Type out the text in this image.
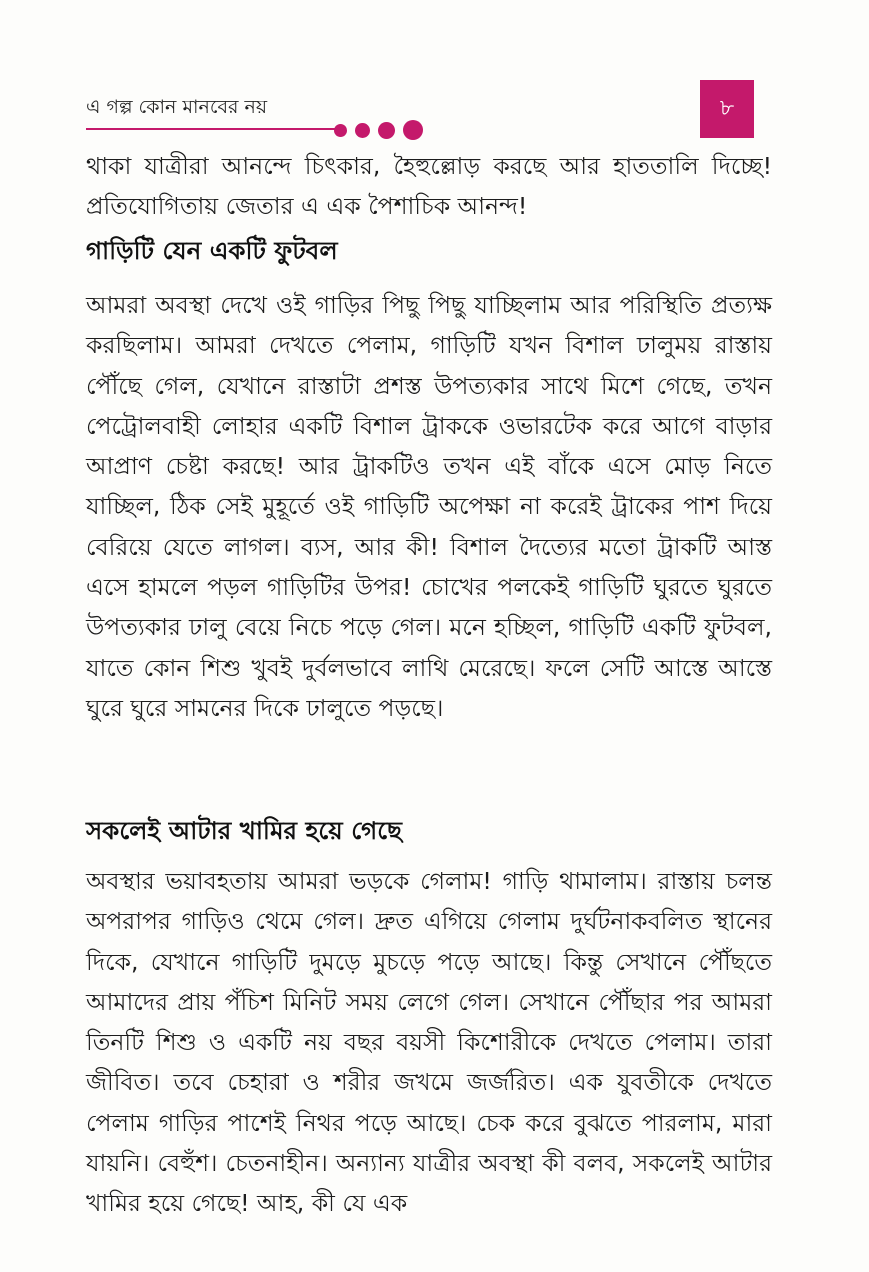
এ গল্প কোন মানবের নয়	৮
থাকা যাত্রীরা আনন্দে চিৎকার, হৈহুল্লোড় করছে আর হাততালি দিচ্ছে! প্রতিযোগিতায় জেতার এ এক পৈশাচিক আনন্দ!
গাড়িটি যেন একটি ফুটবল
আমরা অবস্থা দেখে ওই গাড়ির পিছু পিছু যাচ্ছিলাম আর পরিস্থিতি প্রত্যক্ষ করছিলাম। আমরা দেখতে পেলাম, গাড়িটি যখন বিশাল ঢালুময় রাস্তায় পৌঁছে গেল, যেখানে রাস্তাটা প্রশস্ত উপত্যকার সাথে মিশে গেছে, তখন পেট্রোলবাহী লোহার একটি বিশাল ট্রাককে ওভারটেক করে আগে বাড়ার আপ্রাণ চেষ্টা করছে! আর ট্রাকটিও তখন এই বাঁকে এসে মোড় নিতে যাচ্ছিল, ঠিক সেই মুহূর্তে ওই গাড়িটি অপেক্ষা না করেই ট্রাকের পাশ দিয়ে বেরিয়ে যেতে লাগল। ব্যস, আর কী! বিশাল দৈত্যের মতো ট্রাকটি আস্ত এসে হামলে পড়ল গাড়িটির উপর! চোখের পলকেই গাড়িটি ঘুরতে ঘুরতে উপত্যকার ঢালু বেয়ে নিচে পড়ে গেল। মনে হচ্ছিল, গাড়িটি একটি ফুটবল, যাতে কোন শিশু খুবই দুর্বলভাবে লাথি মেরেছে। ফলে সেটি আস্তে আস্তে ঘুরে ঘুরে সামনের দিকে ঢালুতে পড়ছে।
সকলেই আটার খামির হয়ে গেছে
অবস্থার ভয়াবহতায় আমরা ভড়কে গেলাম! গাড়ি থামালাম। রাস্তায় চলন্ত অপরাপর গাড়িও থেমে গেল। দ্রুত এগিয়ে গেলাম দুর্ঘটনাকবলিত স্থানের দিকে, যেখানে গাড়িটি দুমড়ে মুচড়ে পড়ে আছে। কিন্তু সেখানে পৌঁছতে আমাদের প্রায় পঁচিশ মিনিট সময় লেগে গেল। সেখানে পৌঁছার পর আমরা তিনটি শিশু ও একটি নয় বছর বয়সী কিশোরীকে দেখতে পেলাম। তারা জীবিত। তবে চেহারা ও শরীর জখমে জর্জরিত। এক যুবতীকে দেখতে পেলাম গাড়ির পাশেই নিথর পড়ে আছে। চেক করে বুঝতে পারলাম, মারা যায়নি। বেহুঁশ। চেতনাহীন। অন্যান্য যাত্রীর অবস্থা কী বলব, সকলেই আটার খামির হয়ে গেছে! আহ, কী যে এক
